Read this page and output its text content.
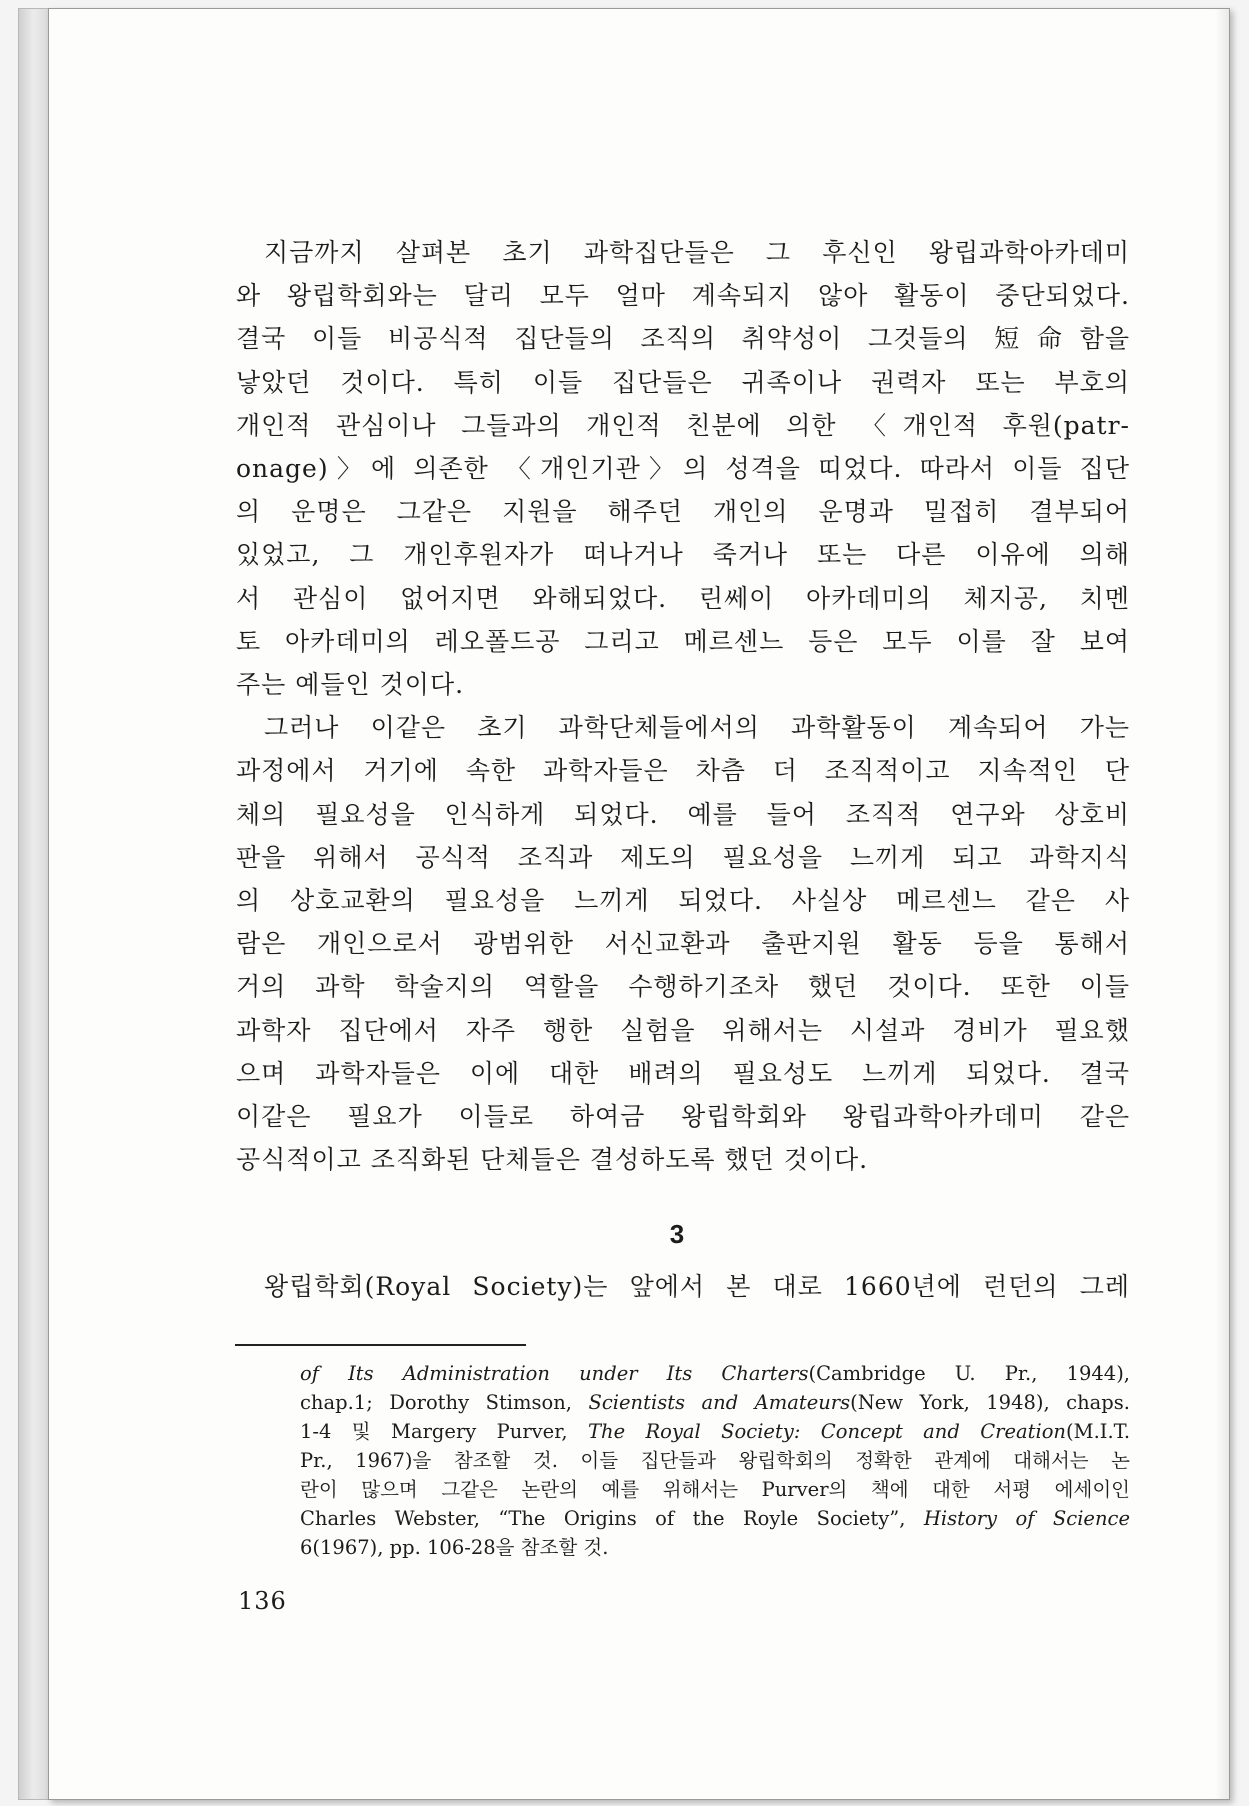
지금까지 살펴본 초기 과학집단들은 그 후신인 왕립과학아카데미
와 왕립학회와는 달리 모두 얼마 계속되지 않아 활동이 중단되었다.
결국 이들 비공식적 집단들의 조직의 취약성이 그것들의 短命함을
낳았던 것이다. 특히 이들 집단들은 귀족이나 권력자 또는 부호의
개인적 관심이나 그들과의 개인적 친분에 의한 〈개인적 후원(patr-
onage)〉에 의존한 〈개인기관〉의 성격을 띠었다. 따라서 이들 집단
의 운명은 그같은 지원을 해주던 개인의 운명과 밀접히 결부되어
있었고, 그 개인후원자가 떠나거나 죽거나 또는 다른 이유에 의해
서 관심이 없어지면 와해되었다. 린쎄이 아카데미의 체지공, 치멘
토 아카데미의 레오폴드공 그리고 메르센느 등은 모두 이를 잘 보여
주는 예들인 것이다.
그러나 이같은 초기 과학단체들에서의 과학활동이 계속되어 가는
과정에서 거기에 속한 과학자들은 차츰 더 조직적이고 지속적인 단
체의 필요성을 인식하게 되었다. 예를 들어 조직적 연구와 상호비
판을 위해서 공식적 조직과 제도의 필요성을 느끼게 되고 과학지식
의 상호교환의 필요성을 느끼게 되었다. 사실상 메르센느 같은 사
람은 개인으로서 광범위한 서신교환과 출판지원 활동 등을 통해서
거의 과학 학술지의 역할을 수행하기조차 했던 것이다. 또한 이들
과학자 집단에서 자주 행한 실험을 위해서는 시설과 경비가 필요했
으며 과학자들은 이에 대한 배려의 필요성도 느끼게 되었다. 결국
이같은 필요가 이들로 하여금 왕립학회와 왕립과학아카데미 같은
공식적이고 조직화된 단체들은 결성하도록 했던 것이다.
3
왕립학회(Royal Society)는 앞에서 본 대로 1660년에 런던의 그레
of Its Administration under Its Charters(Cambridge U. Pr., 1944),
chap.1; Dorothy Stimson, Scientists and Amateurs(New York, 1948), chaps.
1-4 및 Margery Purver, The Royal Society: Concept and Creation(M.I.T.
Pr., 1967)을 참조할 것. 이들 집단들과 왕립학회의 정확한 관계에 대해서는 논
란이 많으며 그같은 논란의 예를 위해서는 Purver의 책에 대한 서평 에세이인
Charles Webster, “The Origins of the Royle Society”, History of Science
6(1967), pp. 106-28을 참조할 것.
136
